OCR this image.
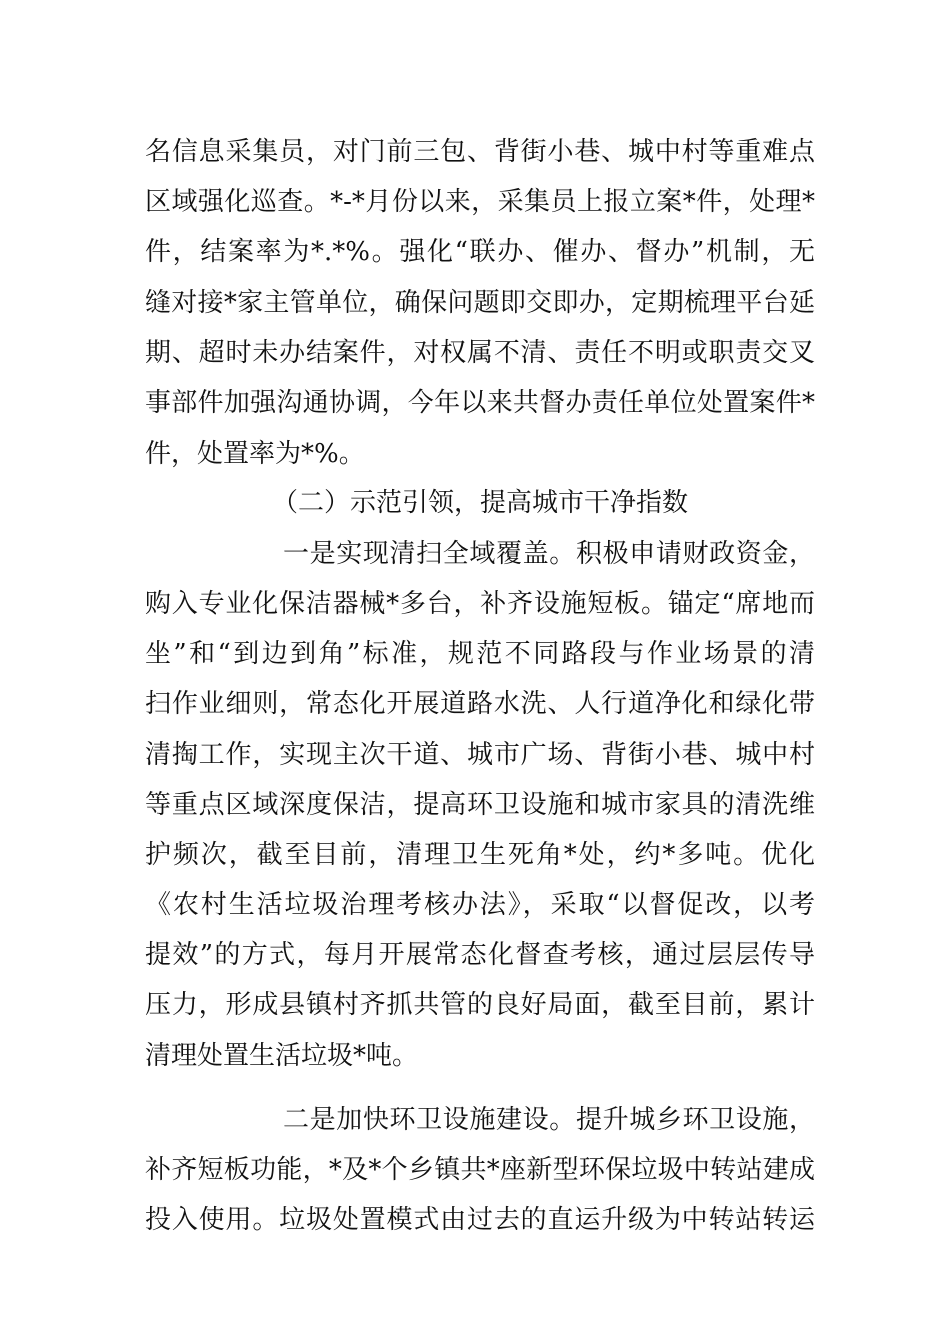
名信息采集员，对门前三包、背街小巷、城中村等重难点
区域强化巡查。*-*月份以来，采集员上报立案*件，处理*
件，结案率为*.*%。强化“联办、催办、督办”机制，无
缝对接*家主管单位，确保问题即交即办，定期梳理平台延
期、超时未办结案件，对权属不清、责任不明或职责交叉
事部件加强沟通协调，今年以来共督办责任单位处置案件*
件，处置率为*%。
（二）示范引领，提高城市干净指数
一是实现清扫全域覆盖。积极申请财政资金，
购入专业化保洁器械*多台，补齐设施短板。锚定“席地而
坐”和“到边到角”标准，规范不同路段与作业场景的清
扫作业细则，常态化开展道路水洗、人行道净化和绿化带
清掏工作，实现主次干道、城市广场、背街小巷、城中村
等重点区域深度保洁，提高环卫设施和城市家具的清洗维
护频次，截至目前，清理卫生死角*处，约*多吨。优化
《农村生活垃圾治理考核办法》，采取“以督促改，以考
提效”的方式，每月开展常态化督查考核，通过层层传导
压力，形成县镇村齐抓共管的良好局面，截至目前，累计
清理处置生活垃圾*吨。
二是加快环卫设施建设。提升城乡环卫设施，
补齐短板功能，*及*个乡镇共*座新型环保垃圾中转站建成
投入使用。垃圾处置模式由过去的直运升级为中转站转运
